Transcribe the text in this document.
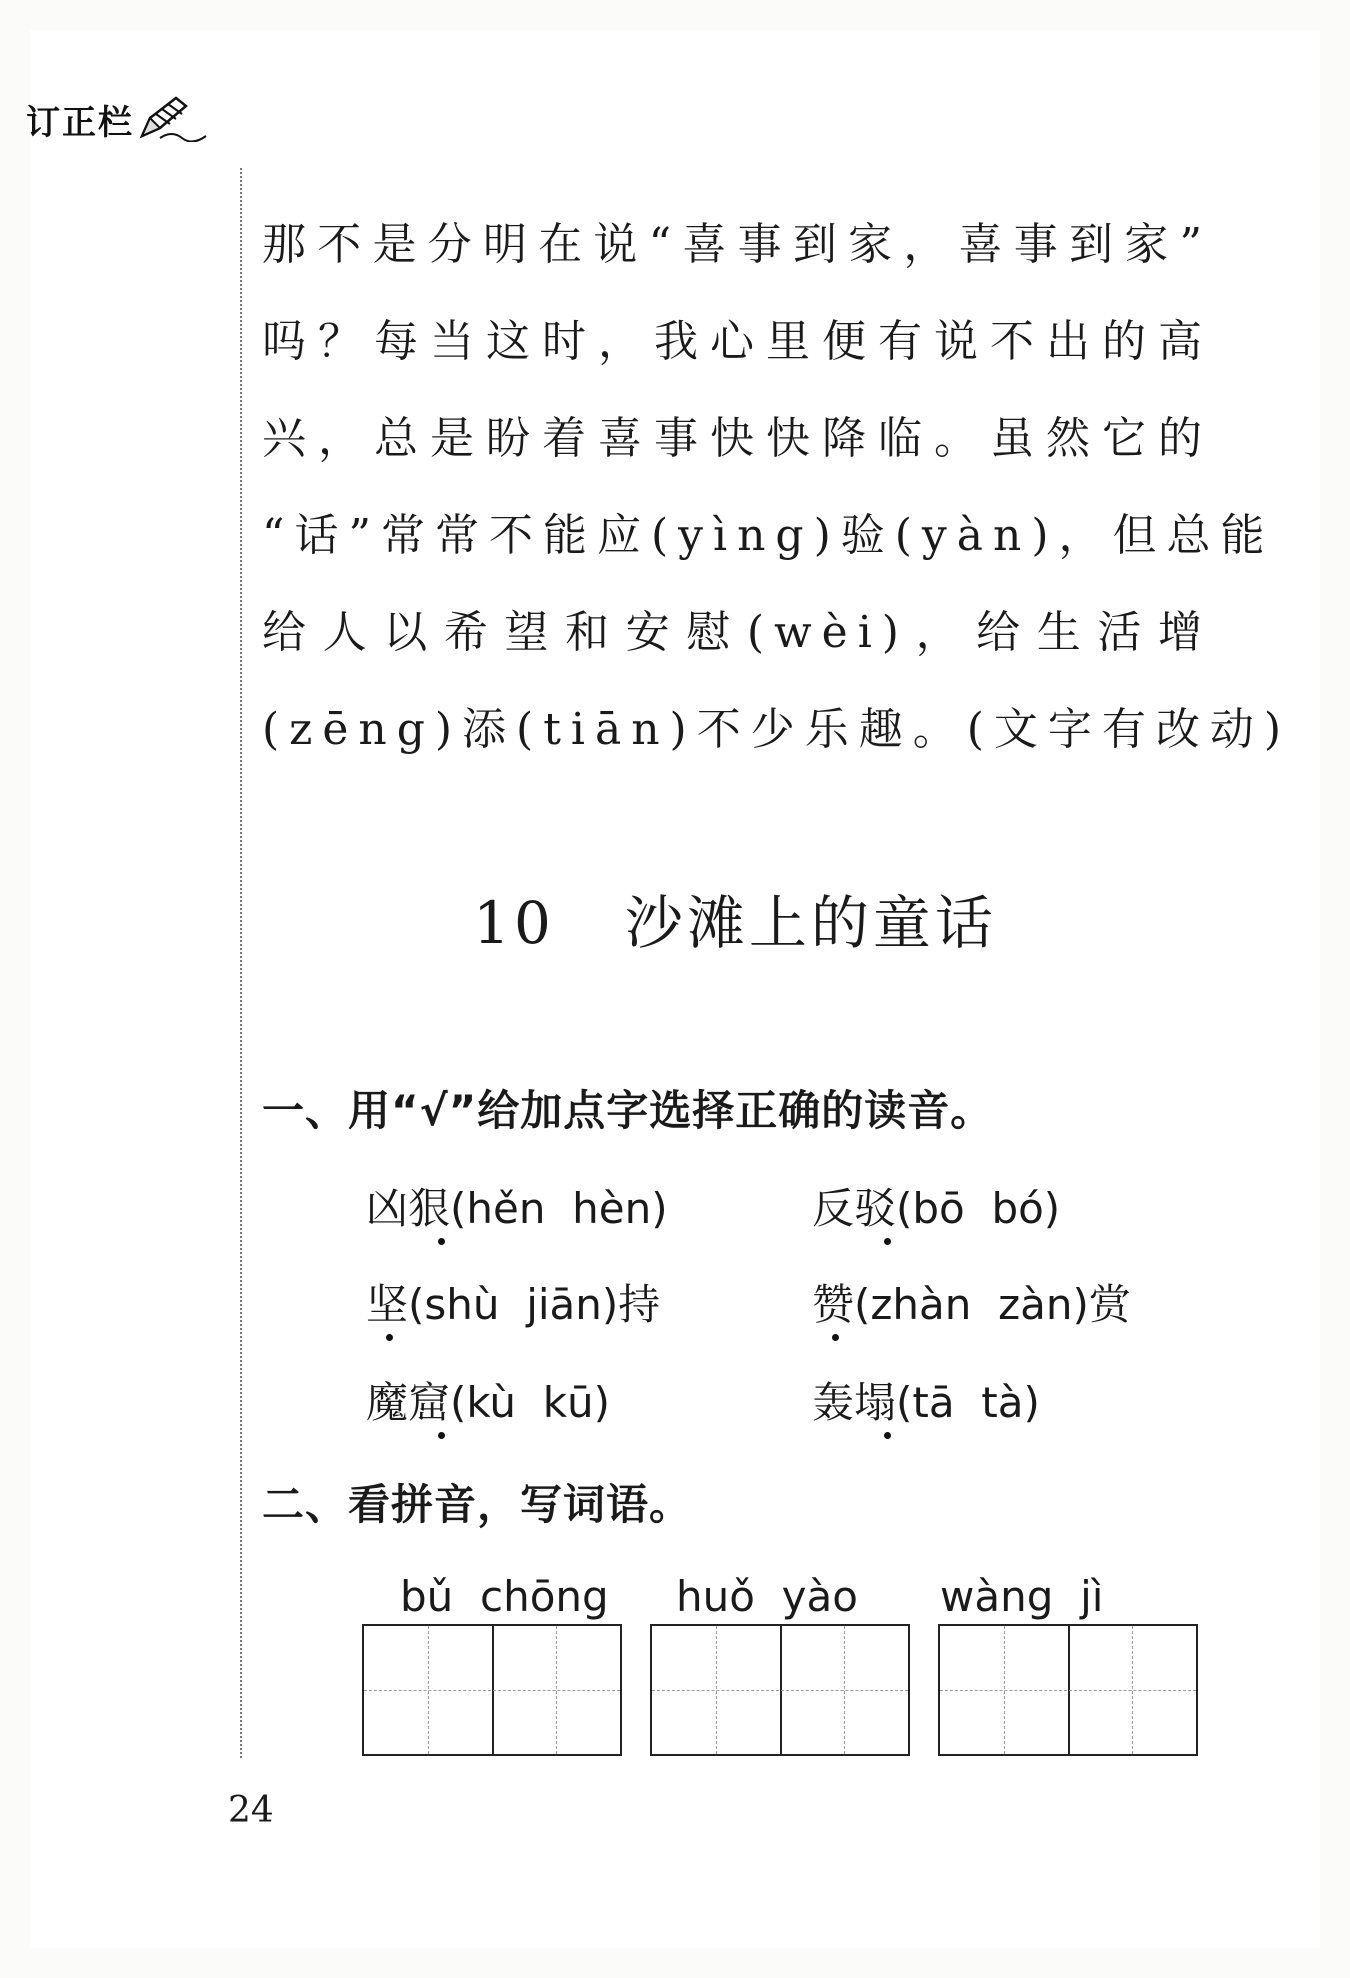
订正栏
那不是分明在说“喜事到家，喜事到家”
吗？每当这时，我心里便有说不出的高
兴，总是盼着喜事快快降临。虽然它的
“话”常常不能应(yìng)验(yàn)，但总能
给人以希望和安慰(wèi)，给生活增
(zēng)添(tiān)不少乐趣。(文字有改动)
10 沙滩上的童话
一、用“√”给加点字选择正确的读音。
凶狠(hěn  hèn)	反驳(bō  bó)
坚(shù  jiān)持	赞(zhàn  zàn)赏
魔窟(kù  kū)	轰塌(tā  tà)
二、看拼音，写词语。
bǔ  chōng huǒ  yào wàng  jì
24
